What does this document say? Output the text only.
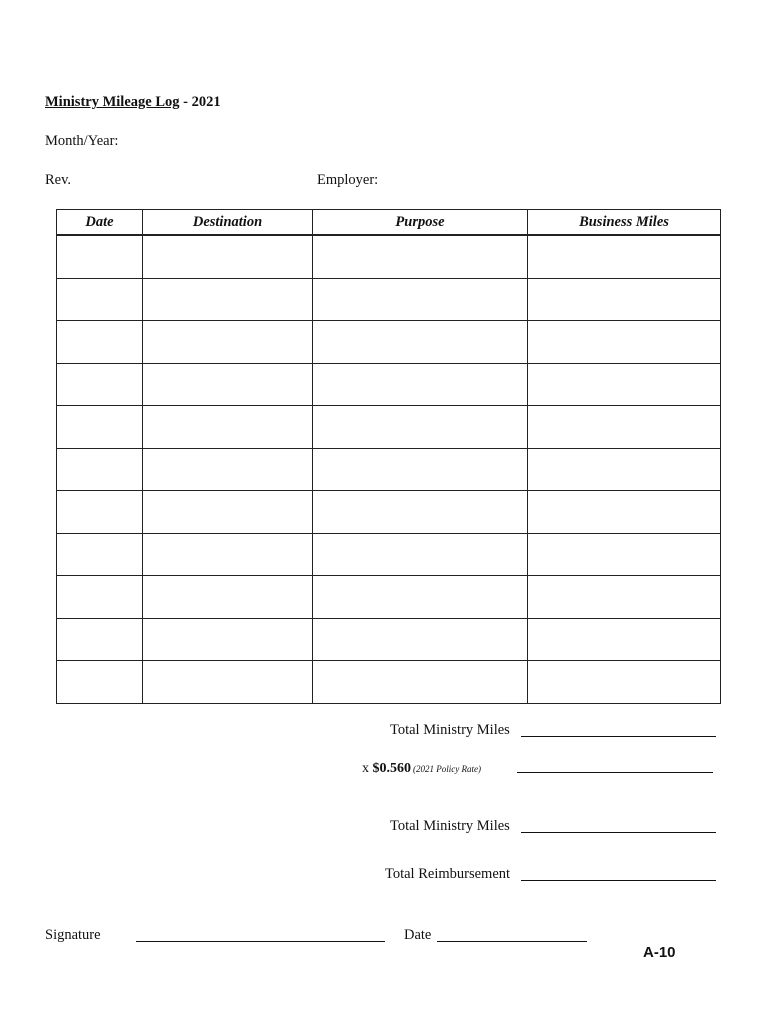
Ministry Mileage Log - 2021
Month/Year:
Rev.	Employer:
Date	Destination	Purpose	Business Miles

Total Ministry Miles
x $0.560 (2021 Policy Rate)
Total Ministry Miles
Total Reimbursement
Signature	Date
A-10
